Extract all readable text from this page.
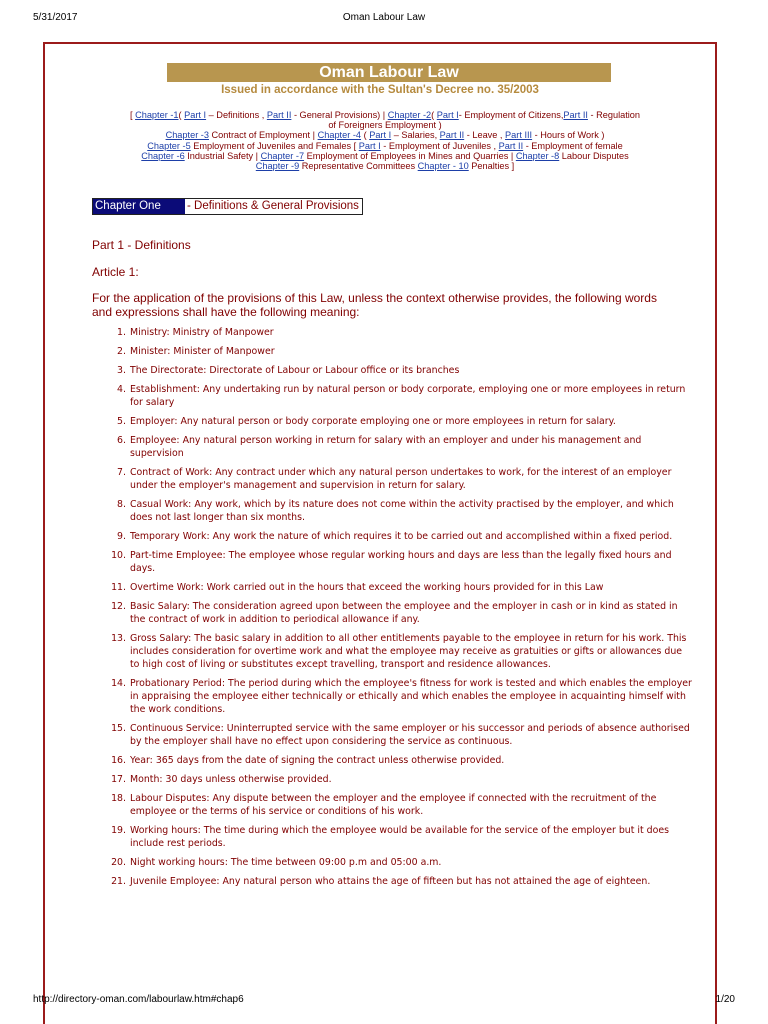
5/31/2017	Oman Labour Law
Oman Labour Law
Issued in accordance with the Sultan's Decree no. 35/2003
[ Chapter -1( Part I – Definitions , Part II - General Provisions) | Chapter -2( Part I- Employment of Citizens,Part II - Regulation
of Foreigners Employment )
Chapter -3 Contract of Employment | Chapter -4 ( Part I – Salaries, Part II - Leave , Part III - Hours of Work )
Chapter -5 Employment of Juveniles and Females [ Part I - Employment of Juveniles , Part II - Employment of female
Chapter -6 Industrial Safety | Chapter -7 Employment of Employees in Mines and Quarries | Chapter -8 Labour Disputes
Chapter -9 Representative Committees Chapter - 10 Penalties ]
Chapter One	- Definitions & General Provisions
Part 1 - Definitions
Article 1:
For the application of the provisions of this Law, unless the context otherwise provides, the following words and expressions shall have the following meaning:
1. Ministry: Ministry of Manpower
2. Minister: Minister of Manpower
3. The Directorate: Directorate of Labour or Labour office or its branches
4. Establishment: Any undertaking run by natural person or body corporate, employing one or more employees in return for salary
5. Employer: Any natural person or body corporate employing one or more employees in return for salary.
6. Employee: Any natural person working in return for salary with an employer and under his management and supervision
7. Contract of Work: Any contract under which any natural person undertakes to work, for the interest of an employer under the employer's management and supervision in return for salary.
8. Casual Work: Any work, which by its nature does not come within the activity practised by the employer, and which does not last longer than six months.
9. Temporary Work: Any work the nature of which requires it to be carried out and accomplished within a fixed period.
10. Part-time Employee: The employee whose regular working hours and days are less than the legally fixed hours and days.
11. Overtime Work: Work carried out in the hours that exceed the working hours provided for in this Law
12. Basic Salary: The consideration agreed upon between the employee and the employer in cash or in kind as stated in the contract of work in addition to periodical allowance if any.
13. Gross Salary: The basic salary in addition to all other entitlements payable to the employee in return for his work. This includes consideration for overtime work and what the employee may receive as gratuities or gifts or allowances due to high cost of living or substitutes except travelling, transport and residence allowances.
14. Probationary Period: The period during which the employee's fitness for work is tested and which enables the employer in appraising the employee either technically or ethically and which enables the employee in acquainting himself with the work conditions.
15. Continuous Service: Uninterrupted service with the same employer or his successor and periods of absence authorised by the employer shall have no effect upon considering the service as continuous.
16. Year: 365 days from the date of signing the contract unless otherwise provided.
17. Month: 30 days unless otherwise provided.
18. Labour Disputes: Any dispute between the employer and the employee if connected with the recruitment of the employee or the terms of his service or conditions of his work.
19. Working hours: The time during which the employee would be available for the service of the employer but it does include rest periods.
20. Night working hours: The time between 09:00 p.m and 05:00 a.m.
21. Juvenile Employee: Any natural person who attains the age of fifteen but has not attained the age of eighteen.
http://directory-oman.com/labourlaw.htm#chap6	1/20
